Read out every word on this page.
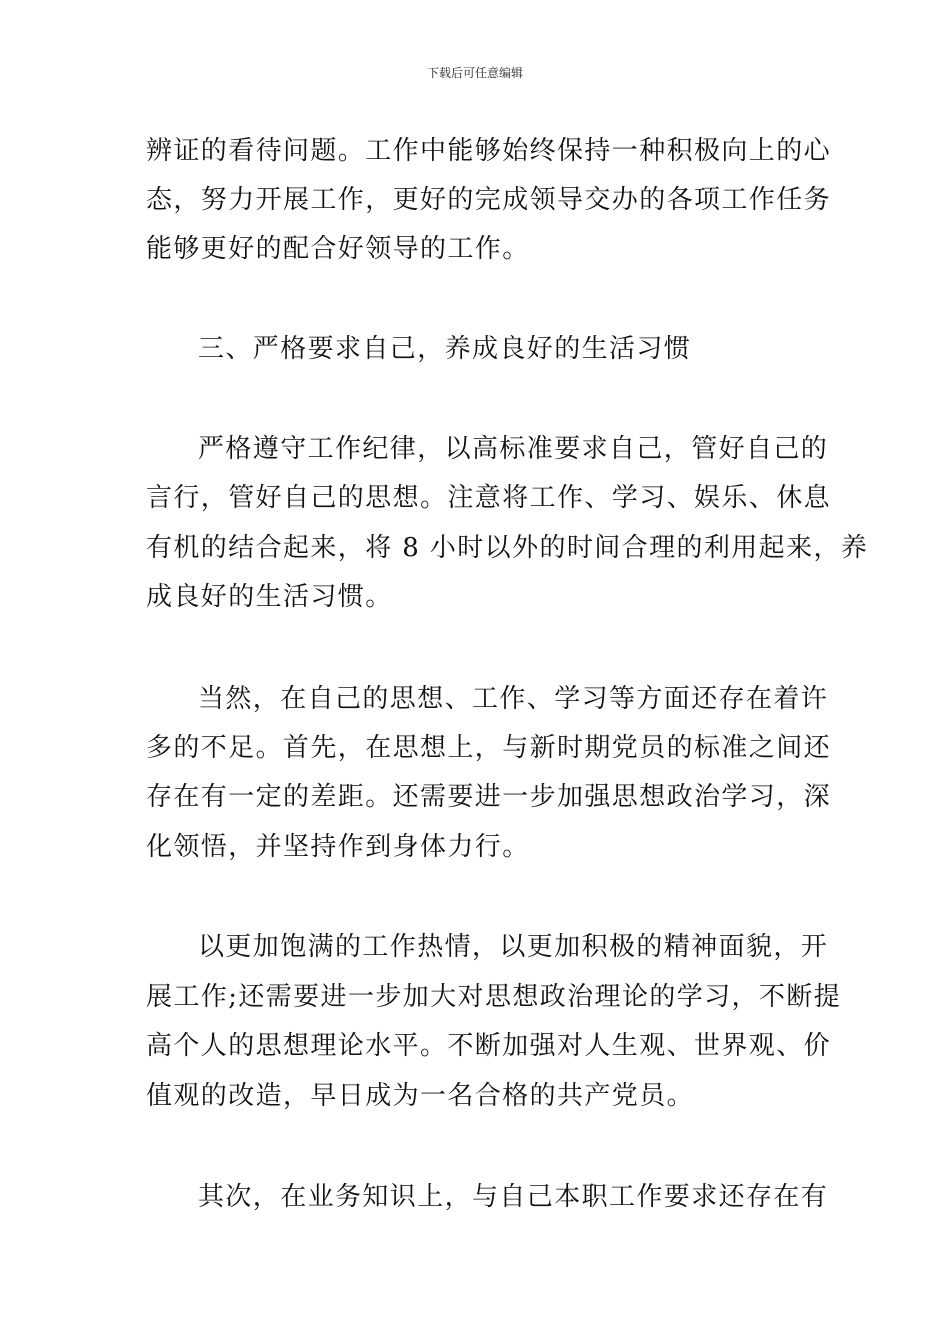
下载后可任意编辑
辨证的看待问题。工作中能够始终保持一种积极向上的心
态，努力开展工作，更好的完成领导交办的各项工作任务
能够更好的配合好领导的工作。
三、严格要求自己，养成良好的生活习惯
严格遵守工作纪律，以高标准要求自己，管好自己的
言行，管好自己的思想。注意将工作、学习、娱乐、休息
有机的结合起来，将 8 小时以外的时间合理的利用起来，养
成良好的生活习惯。
当然，在自己的思想、工作、学习等方面还存在着许
多的不足。首先，在思想上，与新时期党员的标准之间还
存在有一定的差距。还需要进一步加强思想政治学习，深
化领悟，并坚持作到身体力行。
以更加饱满的工作热情，以更加积极的精神面貌，开
展工作;还需要进一步加大对思想政治理论的学习，不断提
高个人的思想理论水平。不断加强对人生观、世界观、价
值观的改造，早日成为一名合格的共产党员。
其次，在业务知识上，与自己本职工作要求还存在有
